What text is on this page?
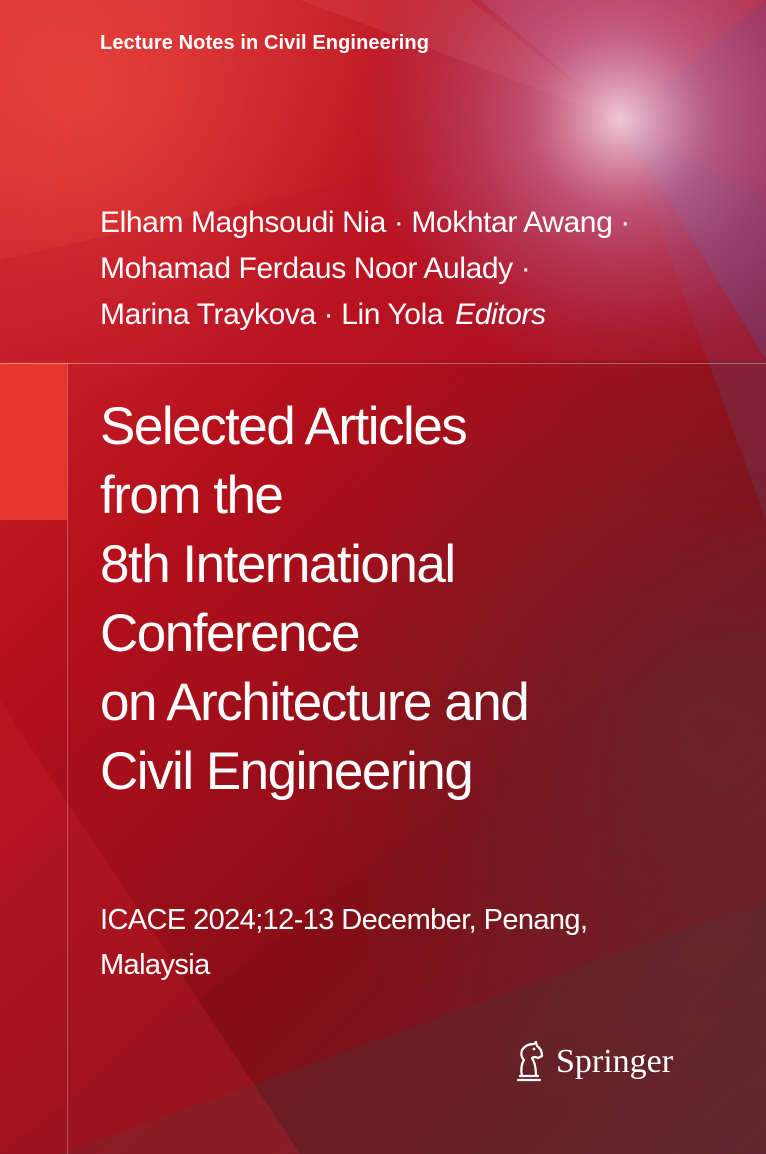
Lecture Notes in Civil Engineering
Elham Maghsoudi Nia · Mokhtar Awang ·
Mohamad Ferdaus Noor Aulady ·
Marina Traykova · Lin Yola Editors
Selected Articles
from the
8th International
Conference
on Architecture and
Civil Engineering
ICACE 2024;12-13 December, Penang,
Malaysia
Springer
